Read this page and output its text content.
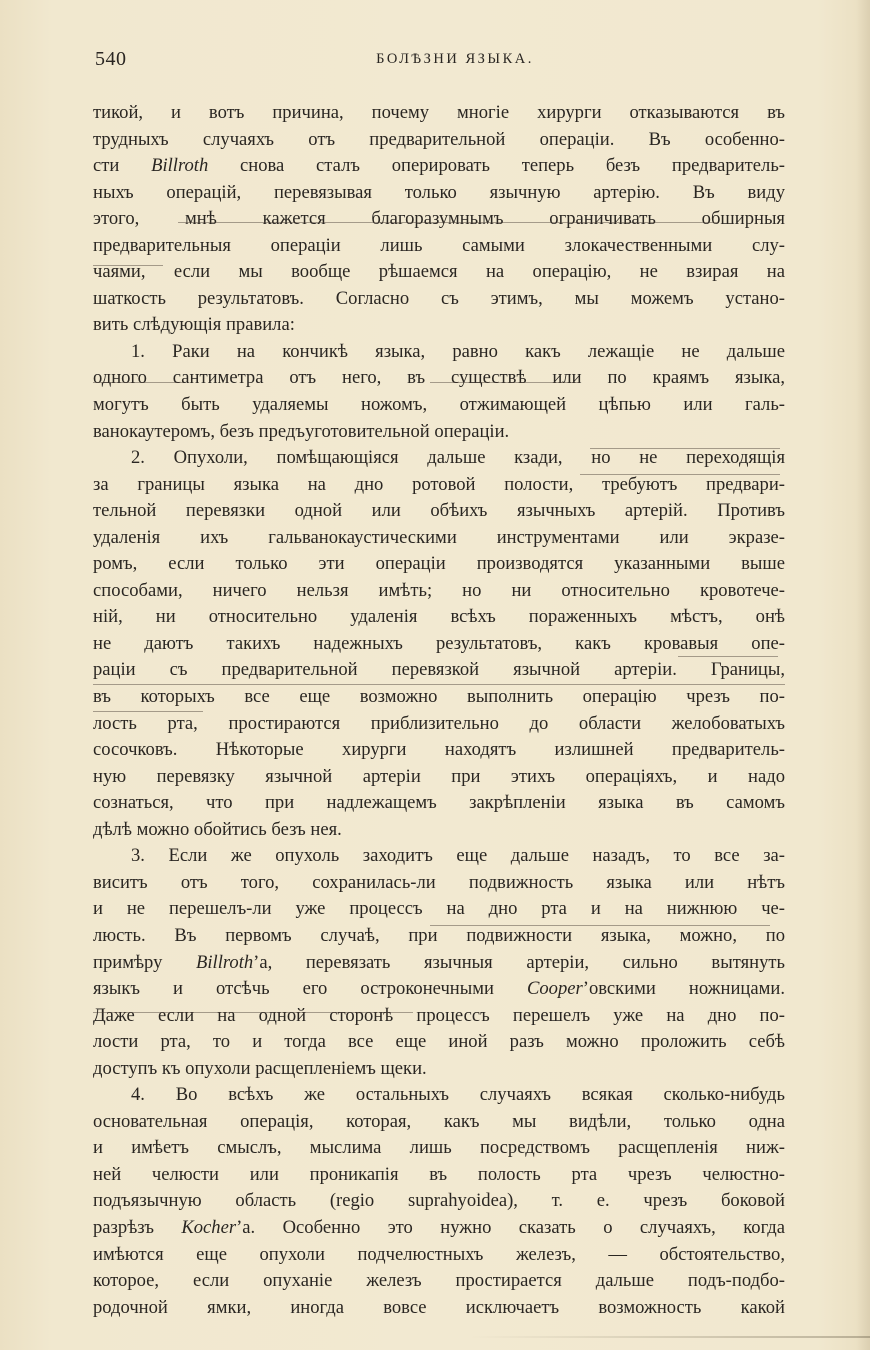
540	БОЛѢЗНИ ЯЗЫКА.
тикой, и вотъ причина, почему многіе хирурги отказываются въ
трудныхъ случаяхъ отъ предварительной операціи. Въ особенно-
сти Billroth снова сталъ оперировать теперь безъ предваритель-
ныхъ операцій, перевязывая только язычную артерію. Въ виду
этого, мнѣ кажется благоразумнымъ ограничивать обширныя
предварительныя операціи лишь самыми злокачественными слу-
чаями, если мы вообще рѣшаемся на операцію, не взирая на
шаткость результатовъ. Согласно съ этимъ, мы можемъ устано-
вить слѣдующія правила:
1. Раки на кончикѣ языка, равно какъ лежащіе не дальше
одного сантиметра отъ него, въ существѣ или по краямъ языка,
могутъ быть удаляемы ножомъ, отжимающей цѣпью или галь-
ванокаутеромъ, безъ предъуготовительной операціи.
2. Опухоли, помѣщающіяся дальше кзади, но не переходящія
за границы языка на дно ротовой полости, требуютъ предвари-
тельной перевязки одной или обѣихъ язычныхъ артерій. Противъ
удаленія ихъ гальванокаустическими инструментами или экразе-
ромъ, если только эти операціи производятся указанными выше
способами, ничего нельзя имѣть; но ни относительно кровотече-
ній, ни относительно удаленія всѣхъ пораженныхъ мѣстъ, онѣ
не даютъ такихъ надежныхъ результатовъ, какъ кровавыя опе-
раціи съ предварительной перевязкой язычной артеріи. Границы,
въ которыхъ все еще возможно выполнить операцію чрезъ по-
лость рта, простираются приблизительно до области желобоватыхъ
сосочковъ. Нѣкоторые хирурги находятъ излишней предваритель-
ную перевязку язычной артеріи при этихъ операціяхъ, и надо
сознаться, что при надлежащемъ закрѣпленіи языка въ самомъ
дѣлѣ можно обойтись безъ нея.
3. Если же опухоль заходитъ еще дальше назадъ, то все за-
виситъ отъ того, сохранилась-ли подвижность языка или нѣтъ
и не перешелъ-ли уже процессъ на дно рта и на нижнюю че-
люсть. Въ первомъ случаѣ, при подвижности языка, можно, по
примѣру Billroth’а, перевязать язычныя артеріи, сильно вытянуть
языкъ и отсѣчь его остроконечными Cooper’овскими ножницами.
Даже если на одной сторонѣ процессъ перешелъ уже на дно по-
лости рта, то и тогда все еще иной разъ можно проложить себѣ
доступъ къ опухоли расщепленіемъ щеки.
4. Во всѣхъ же остальныхъ случаяхъ всякая сколько-нибудь
основательная операція, которая, какъ мы видѣли, только одна
и имѣетъ смыслъ, мыслима лишь посредствомъ расщепленія ниж-
ней челюсти или проникапія въ полость рта чрезъ челюстно-
подъязычную область (regio suprahyoidea), т. е. чрезъ боковой
разрѣзъ Kocher’а. Особенно это нужно сказать о случаяхъ, когда
имѣются еще опухоли подчелюстныхъ железъ, — обстоятельство,
которое, если опуханіе железъ простирается дальше подъ-подбо-
родочной ямки, иногда вовсе исключаетъ возможность какой
